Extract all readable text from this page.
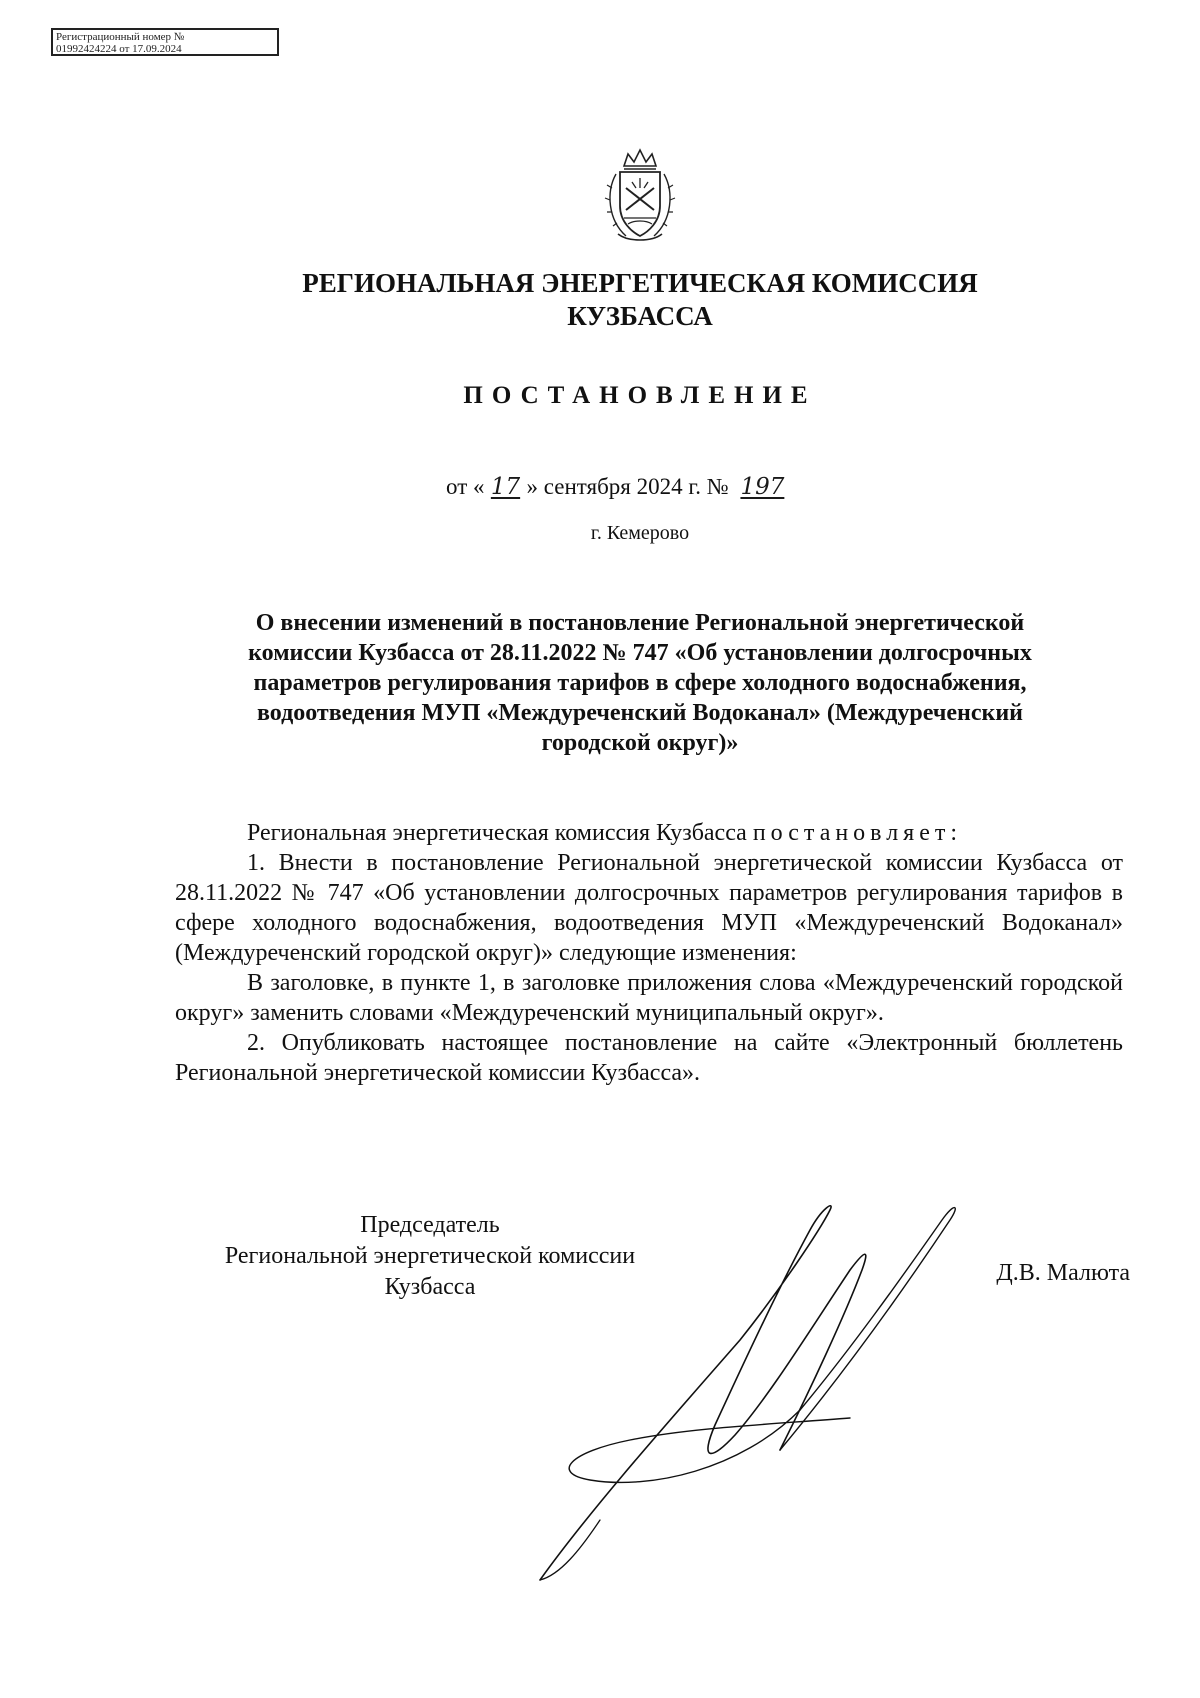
Регистрационный номер №
01992424224 от 17.09.2024
РЕГИОНАЛЬНАЯ ЭНЕРГЕТИЧЕСКАЯ КОМИССИЯ
КУЗБАССА
ПОСТАНОВЛЕНИЕ
от « 17 » сентября 2024 г. № 197
г. Кемерово
О внесении изменений в постановление Региональной энергетической
комиссии Кузбасса от 28.11.2022 № 747 «Об установлении долгосрочных
параметров регулирования тарифов в сфере холодного водоснабжения,
водоотведения МУП «Междуреченский Водоканал» (Междуреченский
городской округ)»

Региональная энергетическая комиссия Кузбасса постановляет:

1. Внести в постановление Региональной энергетической комиссии Кузбасса от 28.11.2022 № 747 «Об установлении долгосрочных параметров регулирования тарифов в сфере холодного водоснабжения, водоотведения МУП «Междуреченский Водоканал» (Междуреченский городской округ)» следующие изменения:

В заголовке, в пункте 1, в заголовке приложения слова «Междуреченский городской округ» заменить словами «Междуреченский муниципальный округ».

2. Опубликовать настоящее постановление на сайте «Электронный бюллетень Региональной энергетической комиссии Кузбасса».

Председатель
Региональной энергетической комиссии
Кузбасса
Д.В. Малюта
